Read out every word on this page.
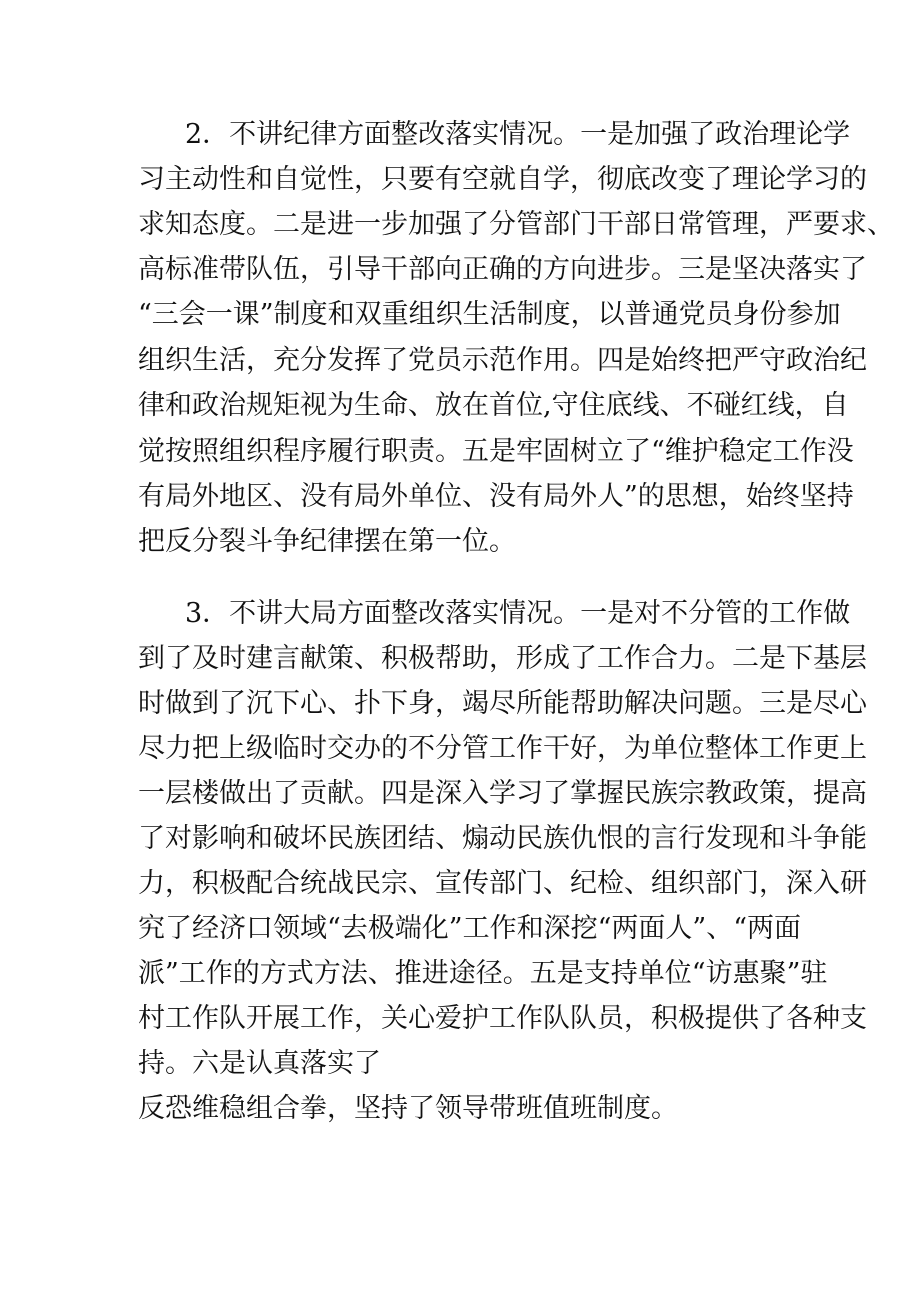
2．不讲纪律方面整改落实情况。一是加强了政治理论学
习主动性和自觉性，只要有空就自学，彻底改变了理论学习的
求知态度。二是进一步加强了分管部门干部日常管理，严要求、
高标准带队伍，引导干部向正确的方向进步。三是坚决落实了
“三会一课”制度和双重组织生活制度，以普通党员身份参加
组织生活，充分发挥了党员示范作用。四是始终把严守政治纪
律和政治规矩视为生命、放在首位,守住底线、不碰红线，自
觉按照组织程序履行职责。五是牢固树立了“维护稳定工作没
有局外地区、没有局外单位、没有局外人”的思想，始终坚持
把反分裂斗争纪律摆在第一位。
3．不讲大局方面整改落实情况。一是对不分管的工作做
到了及时建言献策、积极帮助，形成了工作合力。二是下基层
时做到了沉下心、扑下身，竭尽所能帮助解决问题。三是尽心
尽力把上级临时交办的不分管工作干好，为单位整体工作更上
一层楼做出了贡献。四是深入学习了掌握民族宗教政策，提高
了对影响和破坏民族团结、煽动民族仇恨的言行发现和斗争能
力，积极配合统战民宗、宣传部门、纪检、组织部门，深入研
究了经济口领域“去极端化”工作和深挖“两面人”、“两面
派”工作的方式方法、推进途径。五是支持单位“访惠聚”驻
村工作队开展工作，关心爱护工作队队员，积极提供了各种支
持。六是认真落实了
反恐维稳组合拳，坚持了领导带班值班制度。
